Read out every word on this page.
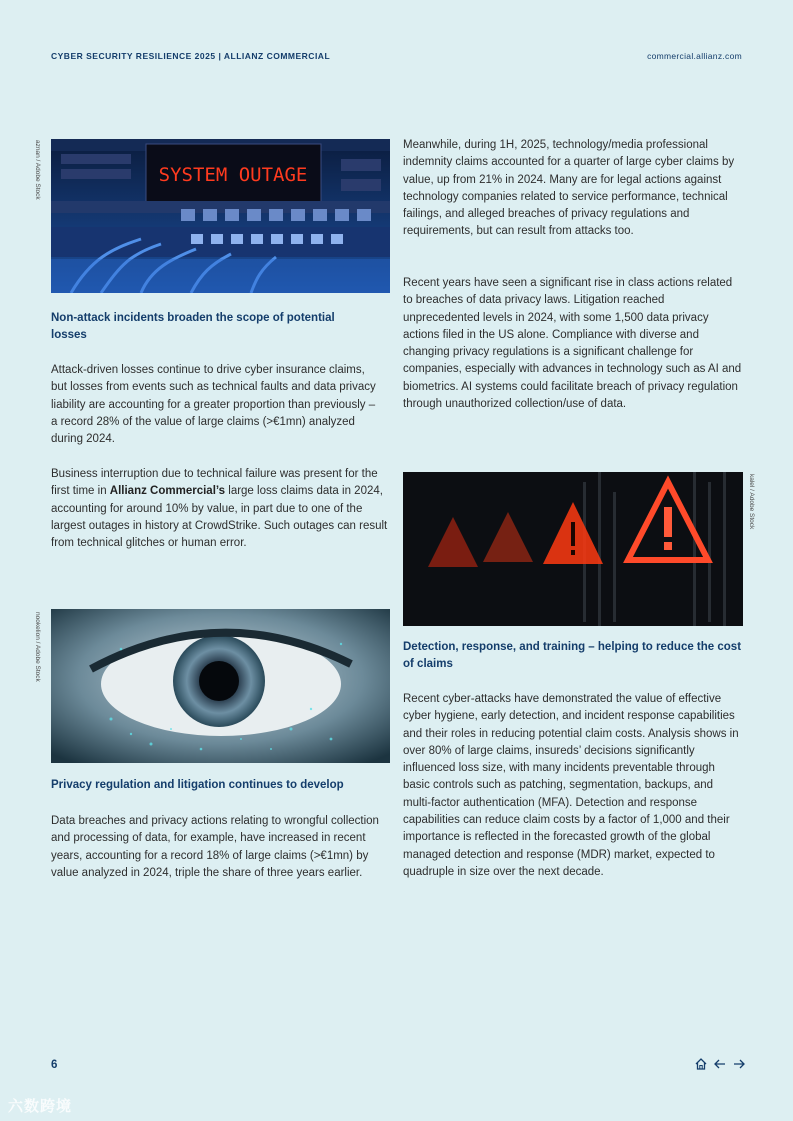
CYBER SECURITY RESILIENCE 2025 | ALLIANZ COMMERCIAL	commercial.allianz.com
aznan / Adobe Stock	SYSTEM OUTAGE

Non-attack incidents broaden the scope of potential losses

Attack-driven losses continue to drive cyber insurance claims, but losses from events such as technical faults and data privacy liability are accounting for a greater proportion than previously – a record 28% of the value of large claims (>€1mn) analyzed during 2024.

Business interruption due to technical failure was present for the first time in Allianz Commercial’s large loss claims data in 2024, accounting for around 10% by value, in part due to one of the largest outages in history at CrowdStrike. Such outages can result from technical glitches or human error.

nookelion / Adobe Stock

Privacy regulation and litigation continues to develop

Data breaches and privacy actions relating to wrongful collection and processing of data, for example, have increased in recent years, accounting for a record 18% of large claims (>€1mn) by value analyzed in 2024, triple the share of three years earlier.

Meanwhile, during 1H, 2025, technology/media professional indemnity claims accounted for a quarter of large cyber claims by value, up from 21% in 2024. Many are for legal actions against technology companies related to service performance, technical failings, and alleged breaches of privacy regulations and requirements, but can result from attacks too.

Recent years have seen a significant rise in class actions related to breaches of data privacy laws. Litigation reached unprecedented levels in 2024, with some 1,500 data privacy actions filed in the US alone. Compliance with diverse and changing privacy regulations is a significant challenge for companies, especially with advances in technology such as AI and biometrics. AI systems could facilitate breach of privacy regulation through unauthorized collection/use of data.

kalel / Adobe Stock

Detection, response, and training – helping to reduce the cost of claims

Recent cyber-attacks have demonstrated the value of effective cyber hygiene, early detection, and incident response capabilities and their roles in reducing potential claim costs. Analysis shows in over 80% of large claims, insureds’ decisions significantly influenced loss size, with many incidents preventable through basic controls such as patching, segmentation, backups, and multi-factor authentication (MFA). Detection and response capabilities can reduce claim costs by a factor of 1,000 and their importance is reflected in the forecasted growth of the global managed detection and response (MDR) market, expected to quadruple in size over the next decade.

6
六数跨境
